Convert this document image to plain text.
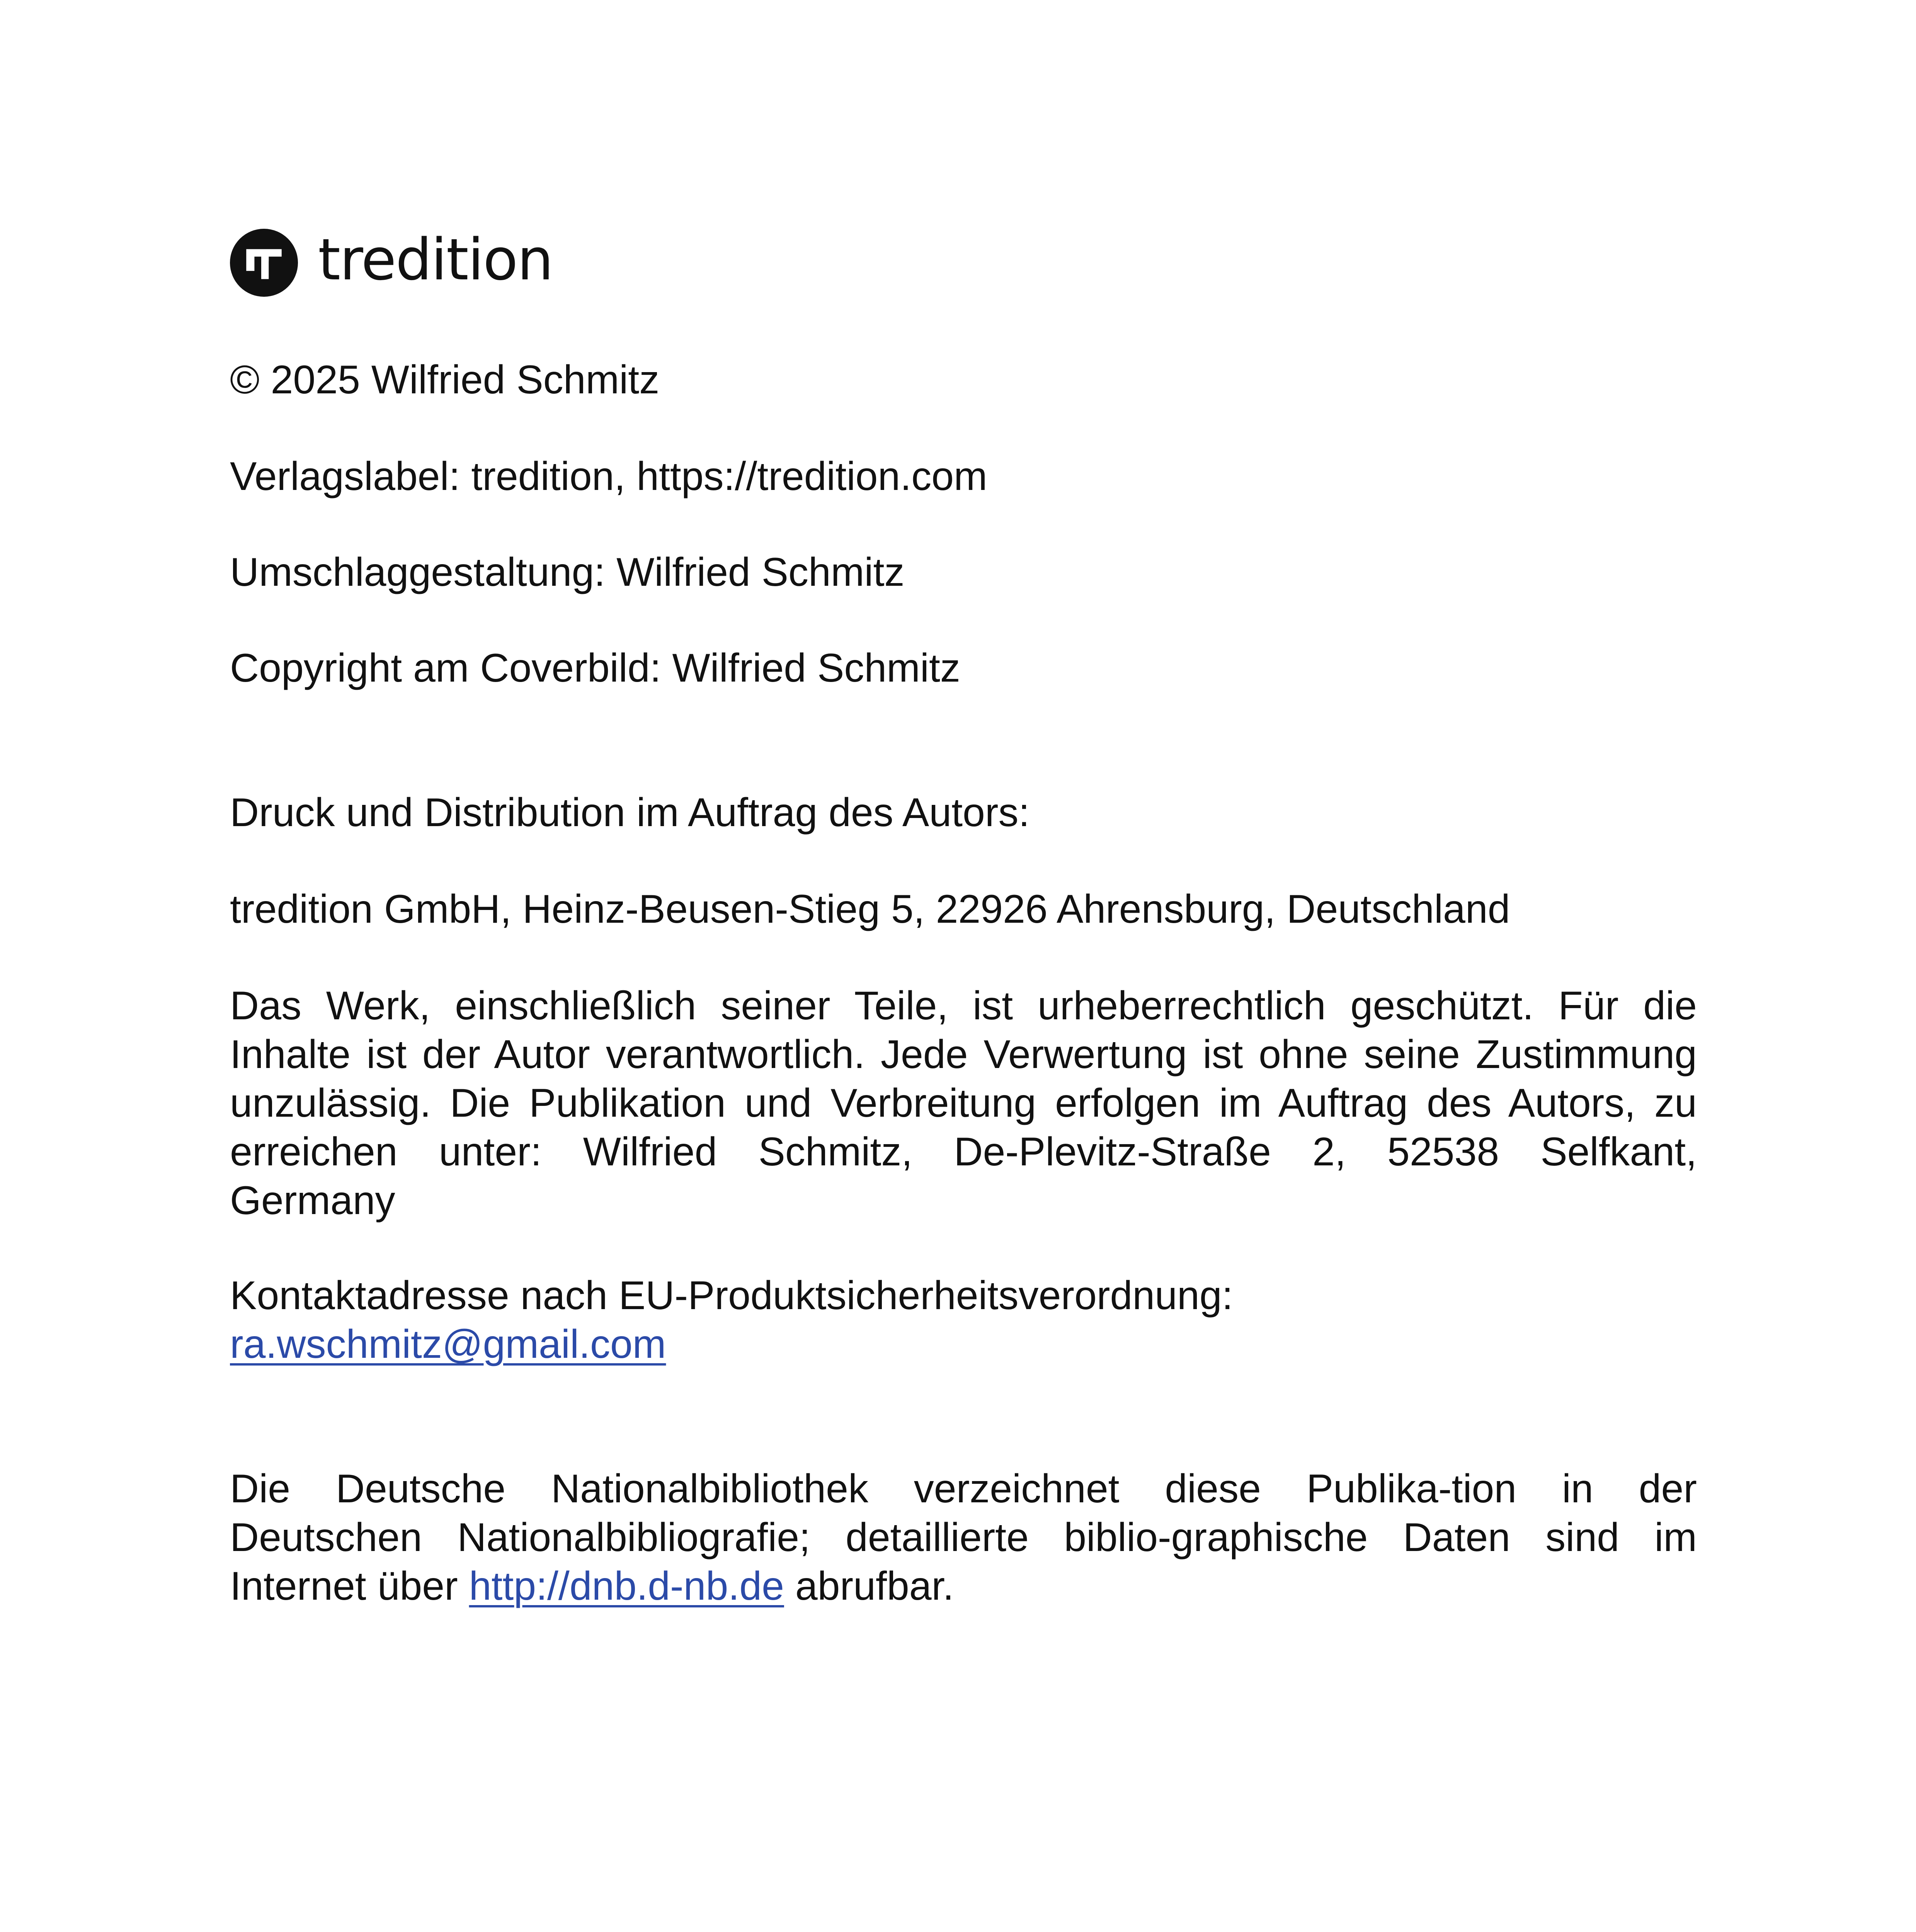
tredition
© 2025 Wilfried Schmitz
Verlagslabel: tredition, https://tredition.com
Umschlaggestaltung: Wilfried Schmitz
Copyright am Coverbild: Wilfried Schmitz
Druck und Distribution im Auftrag des Autors:
tredition GmbH, Heinz-Beusen-Stieg 5, 22926 Ahrensburg, Deutschland
Das Werk, einschließlich seiner Teile, ist urheberrechtlich geschützt. Für die
Inhalte ist der Autor verantwortlich. Jede Verwertung ist ohne seine Zustimmung
unzulässig. Die Publikation und Verbreitung erfolgen im Auftrag des Autors, zu
erreichen unter: Wilfried Schmitz, De-Plevitz-Straße 2, 52538 Selfkant,
Germany
Kontaktadresse nach EU-Produktsicherheitsverordnung:
ra.wschmitz@gmail.com
Die Deutsche Nationalbibliothek verzeichnet diese Publika-tion in der
Deutschen Nationalbibliografie; detaillierte biblio-graphische Daten sind im
Internet über http://dnb.d-nb.de abrufbar.
